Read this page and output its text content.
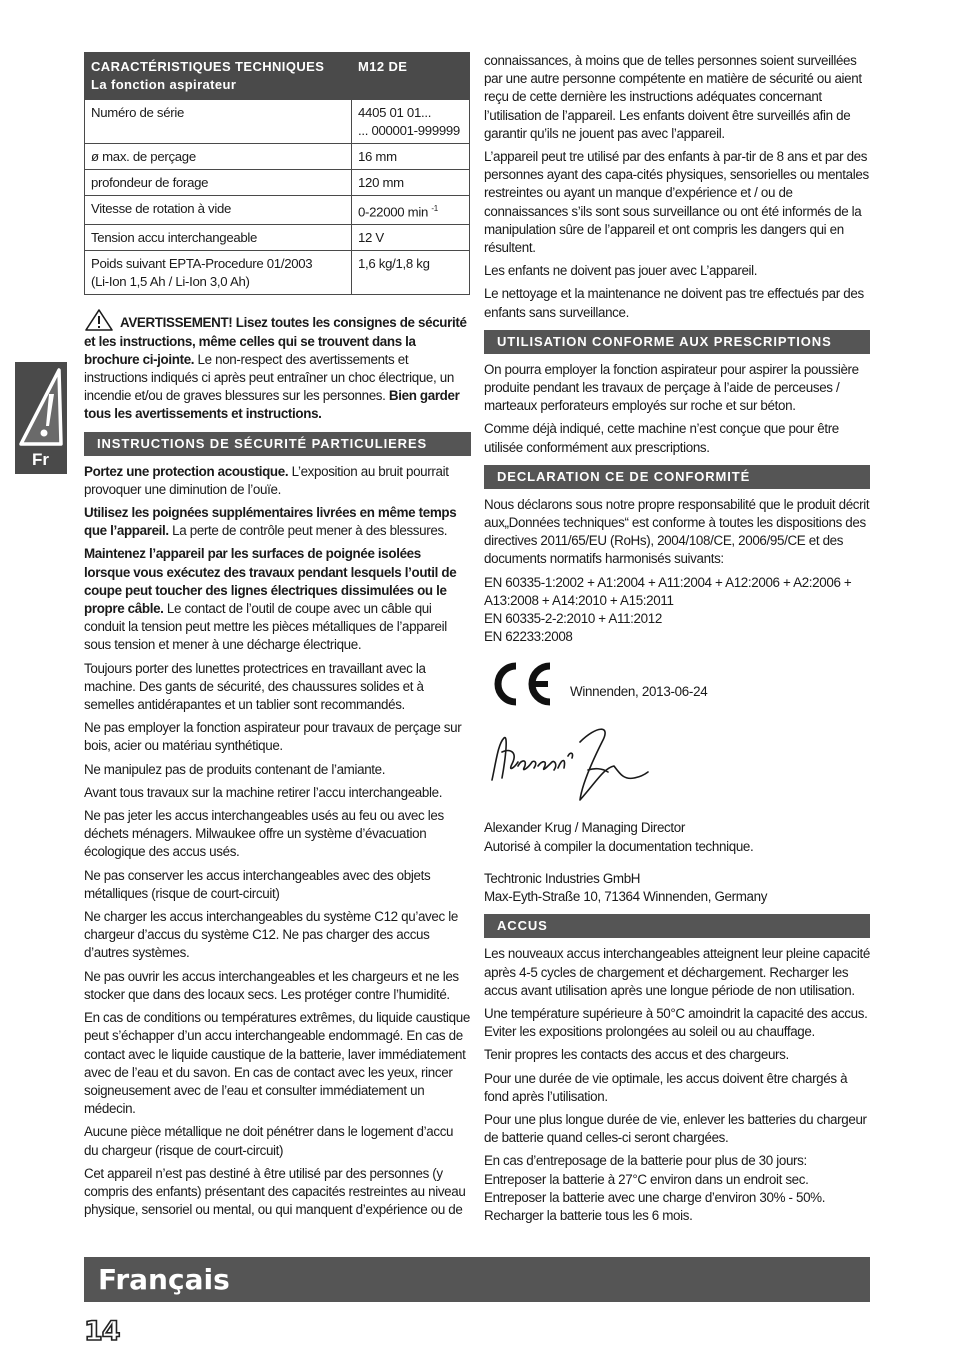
Fr
CARACTÉRISTIQUES TECHNIQUES
La fonction aspirateur	M12 DE
Numéro de série	4405 01 01...
... 000001-999999

ø max. de perçage	16 mm
profondeur de forage	120 mm
Vitesse de rotation à vide	0-22000 min $^{-1}$
Tension accu interchangeable	12 V

Poids suivant EPTA-Procedure 01/2003
(Li-Ion 1,5 Ah / Li-Ion 3,0 Ah)	1,6 kg/1,8 kg

AVERTISSEMENT! Lisez toutes les consignes de sécurité et les instructions, même celles qui se trouvent dans la brochure ci-jointe. Le non-respect des avertissements et instructions indiqués ci après peut entraîner un choc électrique, un incendie et/ou de graves blessures sur les personnes. Bien garder tous les avertissements et instructions.

INSTRUCTIONS DE SÉCURITÉ PARTICULIERES

Portez une protection acoustique. L’exposition au bruit pourrait provoquer une diminution de l’ouïe.

Utilisez les poignées supplémentaires livrées en même temps que l’appareil. La perte de contrôle peut mener à des blessures.

Maintenez l’appareil par les surfaces de poignée isolées lorsque vous exécutez des travaux pendant lesquels l’outil de coupe peut toucher des lignes électriques dissimulées ou le propre câble. Le contact de l’outil de coupe avec un câble qui conduit la tension peut mettre les pièces métalliques de l’appareil sous tension et mener à une décharge électrique.

Toujours porter des lunettes protectrices en travaillant avec la machine. Des gants de sécurité, des chaussures solides et à semelles antidérapantes et un tablier sont recommandés.

Ne pas employer la fonction aspirateur pour travaux de perçage sur bois, acier ou matériau synthétique.

Ne manipulez pas de produits contenant de l’amiante.

Avant tous travaux sur la machine retirer l’accu interchangeable.

Ne pas jeter les accus interchangeables usés au feu ou avec les déchets ménagers. Milwaukee offre un système d’évacuation écologique des accus usés.

Ne pas conserver les accus interchangeables avec des objets métalliques (risque de court-circuit)

Ne charger les accus interchangeables du système C12 qu’avec le chargeur d’accus du système C12. Ne pas charger des accus d’autres systèmes.

Ne pas ouvrir les accus interchangeables et les chargeurs et ne les stocker que dans des locaux secs. Les protéger contre l’humidité.

En cas de conditions ou températures extrêmes, du liquide caustique peut s’échapper d’un accu interchangeable endommagé. En cas de contact avec le liquide caustique de la batterie, laver immédiatement avec de l’eau et du savon. En cas de contact avec les yeux, rincer soigneusement avec de l’eau et consulter immédiatement un médecin.

Aucune pièce métallique ne doit pénétrer dans le logement d’accu du chargeur (risque de court-circuit)

Cet appareil n’est pas destiné à être utilisé par des personnes (y compris des enfants) présentant des capacités restreintes au niveau physique, sensoriel ou mental, ou qui manquent d’expérience ou de

connaissances, à moins que de telles personnes soient surveillées par une autre personne compétente en matière de sécurité ou aient reçu de cette dernière les instructions adéquates concernant l’utilisation de l’appareil. Les enfants doivent être surveillés afin de garantir qu’ils ne jouent pas avec l’appareil.

L’appareil peut tre utilisé par des enfants à par-tir de 8 ans et par des personnes ayant des capa-cités physiques, sensorielles ou mentales restreintes ou ayant un manque d’expérience et / ou de connaissances s’ils sont sous surveillance ou ont été informés de la manipulation sûre de l’appareil et ont compris les dangers qui en résultent.

Les enfants ne doivent pas jouer avec L’appareil.

Le nettoyage et la maintenance ne doivent pas tre effectués par des enfants sans surveillance.

UTILISATION CONFORME AUX PRESCRIPTIONS

On pourra employer la fonction aspirateur pour aspirer la poussière produite pendant les travaux de perçage à l’aide de perceuses / marteaux perforateurs employés sur roche et sur béton.

Comme déjà indiqué, cette machine n’est conçue que pour être utilisée conformément aux prescriptions.

DECLARATION CE DE CONFORMITÉ

Nous déclarons sous notre propre responsabilité que le produit décrit aux„Données techniques“ est conforme à toutes les dispositions des directives 2011/65/EU (RoHs), 2004/108/CE, 2006/95/CE et des documents normatifs harmonisés suivants:

EN 60335-1:2002 + A1:2004 + A11:2004 + A12:2006 + A2:2006 + A13:2008 + A14:2010 + A15:2011
EN 60335-2-2:2010 + A11:2012
EN 62233:2008

Winnenden, 2013-06-24

Alexander Krug / Managing Director
Autorisé à compiler la documentation technique.

Techtronic Industries GmbH
Max-Eyth-Straße 10, 71364 Winnenden, Germany

ACCUS

Les nouveaux accus interchangeables atteignent leur pleine capacité après 4-5 cycles de chargement et déchargement. Recharger les accus avant utilisation après une longue période de non utilisation.

Une température supérieure à 50°C amoindrit la capacité des accus. Eviter les expositions prolongées au soleil ou au chauffage.

Tenir propres les contacts des accus et des chargeurs.

Pour une durée de vie optimale, les accus doivent être chargés à fond après l’utilisation.

Pour une plus longue durée de vie, enlever les batteries du chargeur de batterie quand celles-ci seront chargées.

En cas d’entreposage de la batterie pour plus de 30 jours:
Entreposer la batterie à 27°C environ dans un endroit sec.
Entreposer la batterie avec une charge d’environ 30% - 50%.
Recharger la batterie tous les 6 mois.

Français
14
